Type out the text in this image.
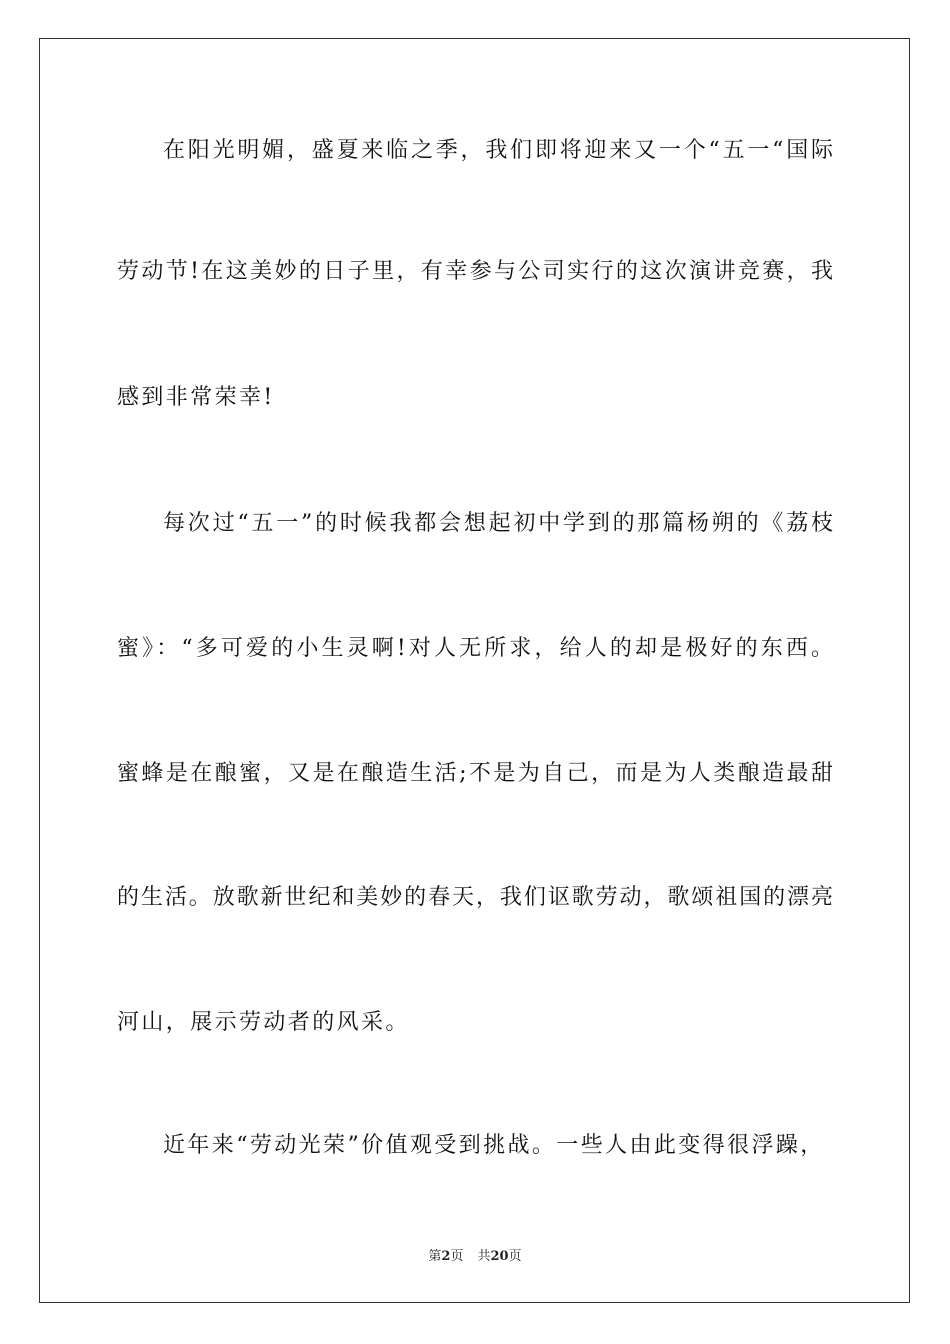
在阳光明媚，盛夏来临之季，我们即将迎来又一个“五一“国际
劳动节!在这美妙的日子里，有幸参与公司实行的这次演讲竞赛，我
感到非常荣幸!
每次过“五一”的时候我都会想起初中学到的那篇杨朔的《荔枝
蜜》：“多可爱的小生灵啊!对人无所求，给人的却是极好的东西。
蜜蜂是在酿蜜，又是在酿造生活;不是为自己，而是为人类酿造最甜
的生活。放歌新世纪和美妙的春天，我们讴歌劳动，歌颂祖国的漂亮
河山，展示劳动者的风采。
近年来“劳动光荣”价值观受到挑战。一些人由此变得很浮躁，
第2页 共20页
